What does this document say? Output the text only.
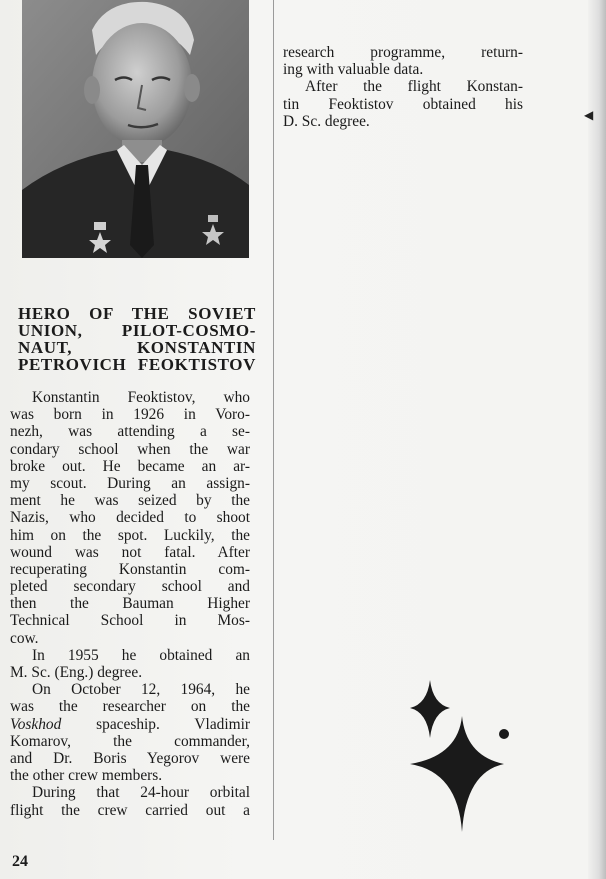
HERO OF THE SOVIET
UNION, PILOT-COSMO-
NAUT, KONSTANTIN
PETROVICH FEOKTISTOV
Konstantin Feoktistov, who
was born in 1926 in Voro-
nezh, was attending a se-
condary school when the war
broke out. He became an ar-
my scout. During an assign-
ment he was seized by the
Nazis, who decided to shoot
him on the spot. Luckily, the
wound was not fatal. After
recuperating Konstantin com-
pleted secondary school and
then the Bauman Higher
Technical School in Mos-
cow.
In 1955 he obtained an
M. Sc. (Eng.) degree.
On October 12, 1964, he
was the researcher on the
Voskhod spaceship. Vladimir
Komarov, the commander,
and Dr. Boris Yegorov were
the other crew members.
During that 24-hour orbital
flight the crew carried out a
research programme, return-
ing with valuable data.
After the flight Konstan-
tin Feoktistov obtained his
D. Sc. degree.
24
◀
